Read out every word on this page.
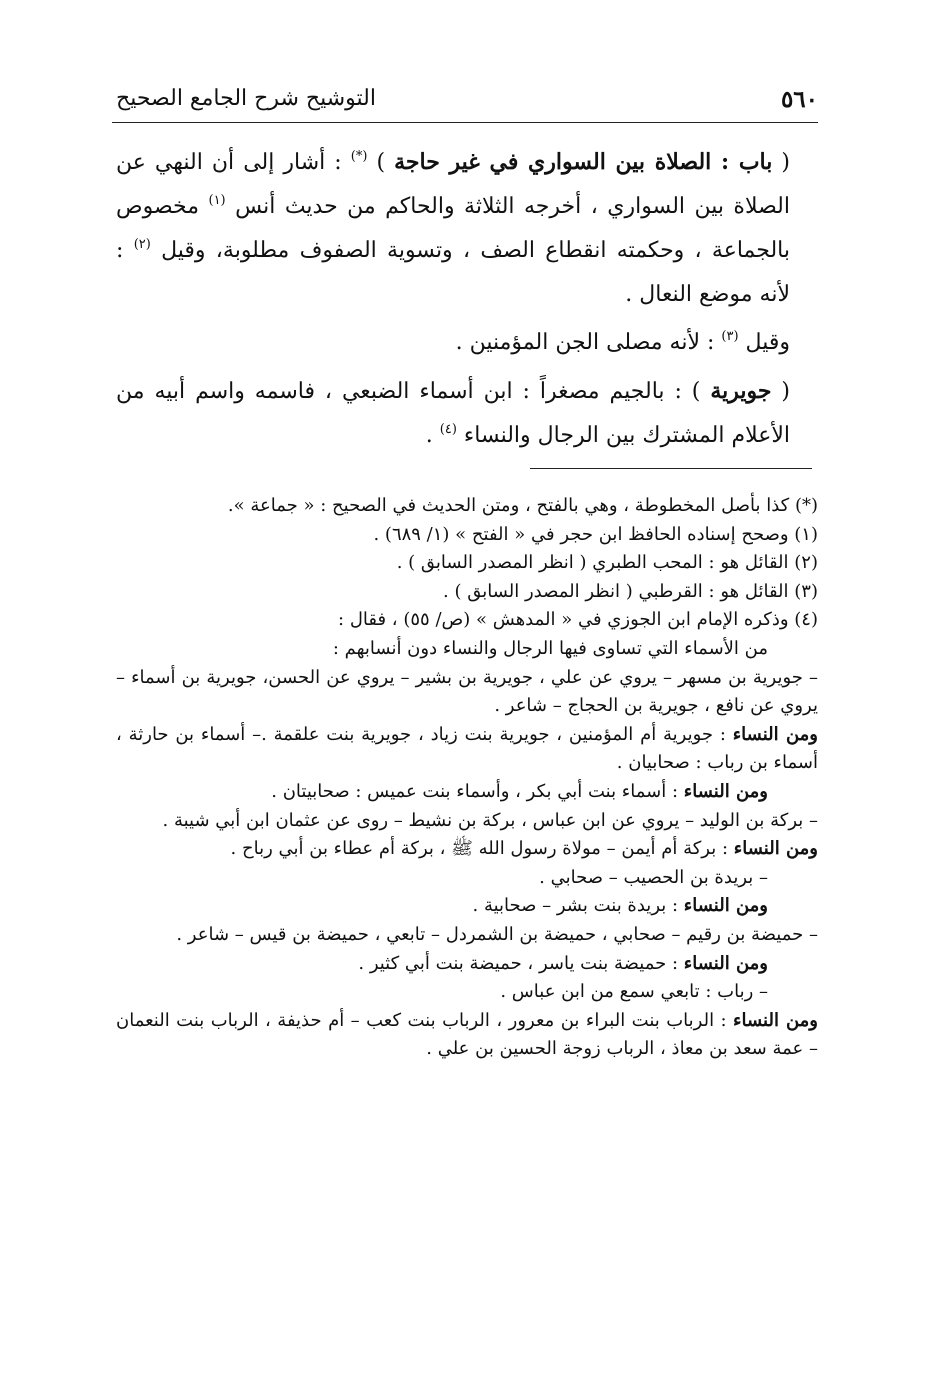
٥٦٠
التوشيح شرح الجامع الصحيح

( باب : الصلاة بين السواري في غير حاجة ) (*) : أشار إلى أن النهي عن الصلاة بين السواري ، أخرجه الثلاثة والحاكم من حديث أنس $^{(١)}$ مخصوص بالجماعة ، وحكمته انقطاع الصف ، وتسوية الصفوف مطلوبة، وقيل $^{(٢)}$ : لأنه موضع النعال .

وقيل $^{(٣)}$ : لأنه مصلى الجن المؤمنين .

( جويرية ) : بالجيم مصغراً : ابن أسماء الضبعي ، فاسمه واسم أبيه من الأعلام المشترك بين الرجال والنساء $^{(٤)}$ .

(*) كذا بأصل المخطوطة ، وهي بالفتح ، ومتن الحديث في الصحيح : « جماعة ».

(١) وصحح إسناده الحافظ ابن حجر في « الفتح » (١/ ٦٨٩) .

(٢) القائل هو : المحب الطبري ( انظر المصدر السابق ) .

(٣) القائل هو : القرطبي ( انظر المصدر السابق ) .

(٤) وذكره الإمام ابن الجوزي في « المدهش » (ص/ ٥٥) ، فقال :

من الأسماء التي تساوى فيها الرجال والنساء دون أنسابهم :

– جويرية بن مسهر – يروي عن علي ، جويرية بن بشير – يروي عن الحسن، جويرية بن أسماء – يروي عن نافع ، جويرية بن الحجاج – شاعر .

ومن النساء : جويرية أم المؤمنين ، جويرية بنت زياد ، جويرية بنت علقمة .– أسماء بن حارثة ، أسماء بن رباب : صحابيان .

ومن النساء : أسماء بنت أبي بكر ، وأسماء بنت عميس : صحابيتان .

– بركة بن الوليد – يروي عن ابن عباس ، بركة بن نشيط – روى عن عثمان ابن أبي شيبة .

ومن النساء : بركة أم أيمن – مولاة رسول الله ﷺ ، بركة أم عطاء بن أبي رباح .

– بريدة بن الحصيب – صحابي .

ومن النساء : بريدة بنت بشر – صحابية .

– حميضة بن رقيم – صحابي ، حميضة بن الشمردل – تابعي ، حميضة بن قيس – شاعر .

ومن النساء : حميضة بنت ياسر ، حميضة بنت أبي كثير .

– رباب : تابعي سمع من ابن عباس .

ومن النساء : الرباب بنت البراء بن معرور ، الرباب بنت كعب – أم حذيفة ، الرباب بنت النعمان – عمة سعد بن معاذ ، الرباب زوجة الحسين بن علي .
